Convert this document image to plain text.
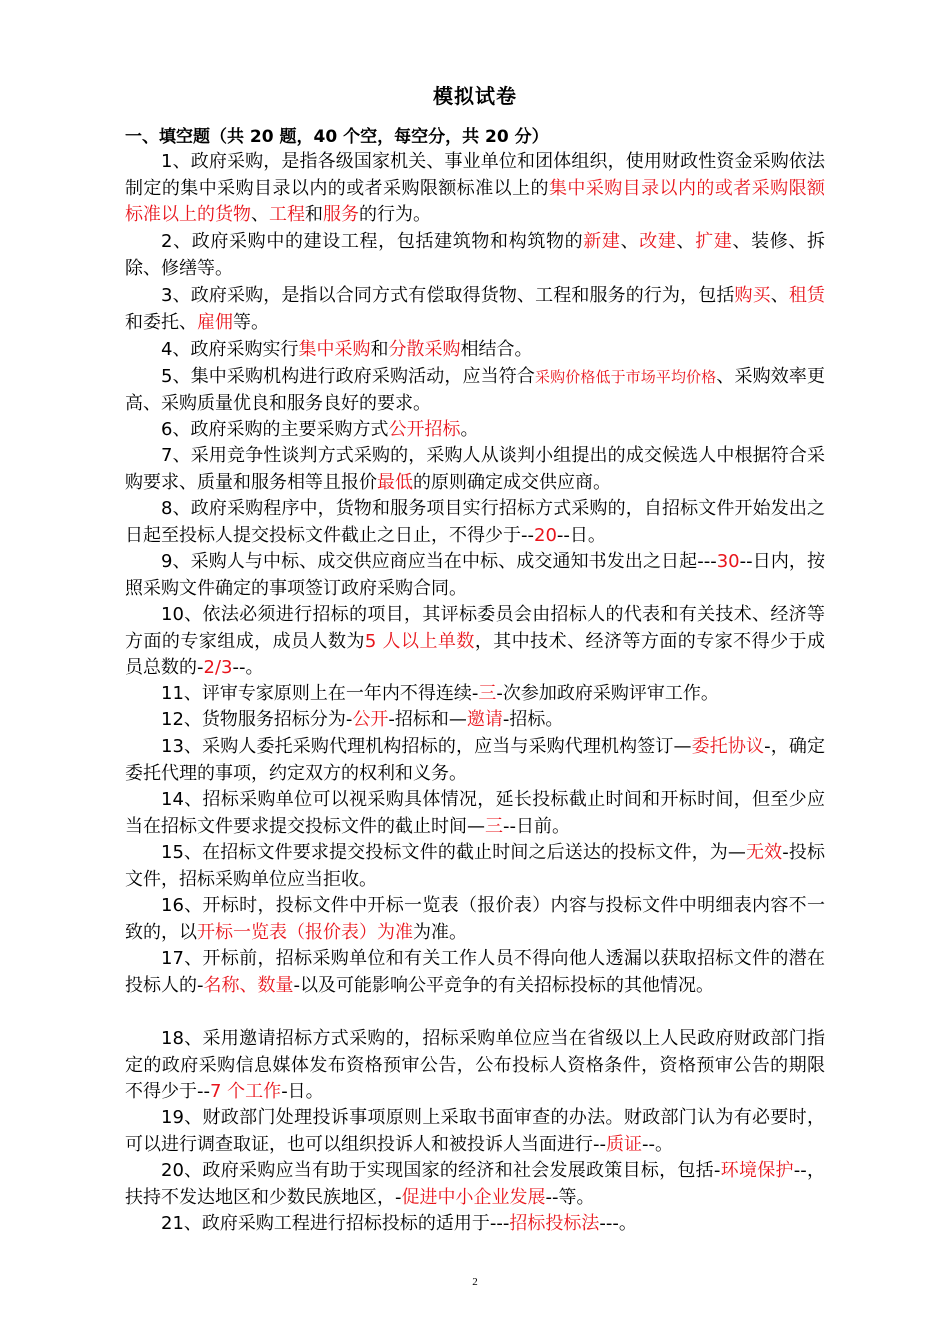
模拟试卷
一、填空题（共 20 题，40 个空，每空分，共 20 分）
1、政府采购，是指各级国家机关、事业单位和团体组织，使用财政性资金采购依法制定的集中采购目录以内的或者采购限额标准以上的集中采购目录以内的或者采购限额标准以上的货物、工程和服务的行为。
2、政府采购中的建设工程，包括建筑物和构筑物的新建、改建、扩建、装修、拆除、修缮等。
3、政府采购，是指以合同方式有偿取得货物、工程和服务的行为，包括购买、租赁和委托、雇佣等。
4、政府采购实行集中采购和分散采购相结合。
5、集中采购机构进行政府采购活动，应当符合采购价格低于市场平均价格、采购效率更高、采购质量优良和服务良好的要求。
6、政府采购的主要采购方式公开招标。
7、采用竞争性谈判方式采购的，采购人从谈判小组提出的成交候选人中根据符合采购要求、质量和服务相等且报价最低的原则确定成交供应商。
8、政府采购程序中，货物和服务项目实行招标方式采购的，自招标文件开始发出之日起至投标人提交投标文件截止之日止，不得少于--20--日。
9、采购人与中标、成交供应商应当在中标、成交通知书发出之日起---30--日内，按照采购文件确定的事项签订政府采购合同。
10、依法必须进行招标的项目，其评标委员会由招标人的代表和有关技术、经济等方面的专家组成，成员人数为5 人以上单数，其中技术、经济等方面的专家不得少于成员总数的-2/3--。
11、评审专家原则上在一年内不得连续-三-次参加政府采购评审工作。
12、货物服务招标分为-公开-招标和—邀请-招标。
13、采购人委托采购代理机构招标的，应当与采购代理机构签订—委托协议-，确定委托代理的事项，约定双方的权利和义务。
14、招标采购单位可以视采购具体情况，延长投标截止时间和开标时间，但至少应当在招标文件要求提交投标文件的截止时间—三--日前。
15、在招标文件要求提交投标文件的截止时间之后送达的投标文件，为—无效-投标文件，招标采购单位应当拒收。
16、开标时，投标文件中开标一览表（报价表）内容与投标文件中明细表内容不一致的，以开标一览表（报价表）为准为准。
17、开标前，招标采购单位和有关工作人员不得向他人透漏以获取招标文件的潜在投标人的-名称、数量-以及可能影响公平竞争的有关招标投标的其他情况。
18、采用邀请招标方式采购的，招标采购单位应当在省级以上人民政府财政部门指定的政府采购信息媒体发布资格预审公告，公布投标人资格条件，资格预审公告的期限不得少于--7 个工作-日。
19、财政部门处理投诉事项原则上采取书面审查的办法。财政部门认为有必要时，可以进行调查取证，也可以组织投诉人和被投诉人当面进行--质证--。
20、政府采购应当有助于实现国家的经济和社会发展政策目标，包括-环境保护--，扶持不发达地区和少数民族地区，-促进中小企业发展--等。
21、政府采购工程进行招标投标的适用于---招标投标法---。
2
